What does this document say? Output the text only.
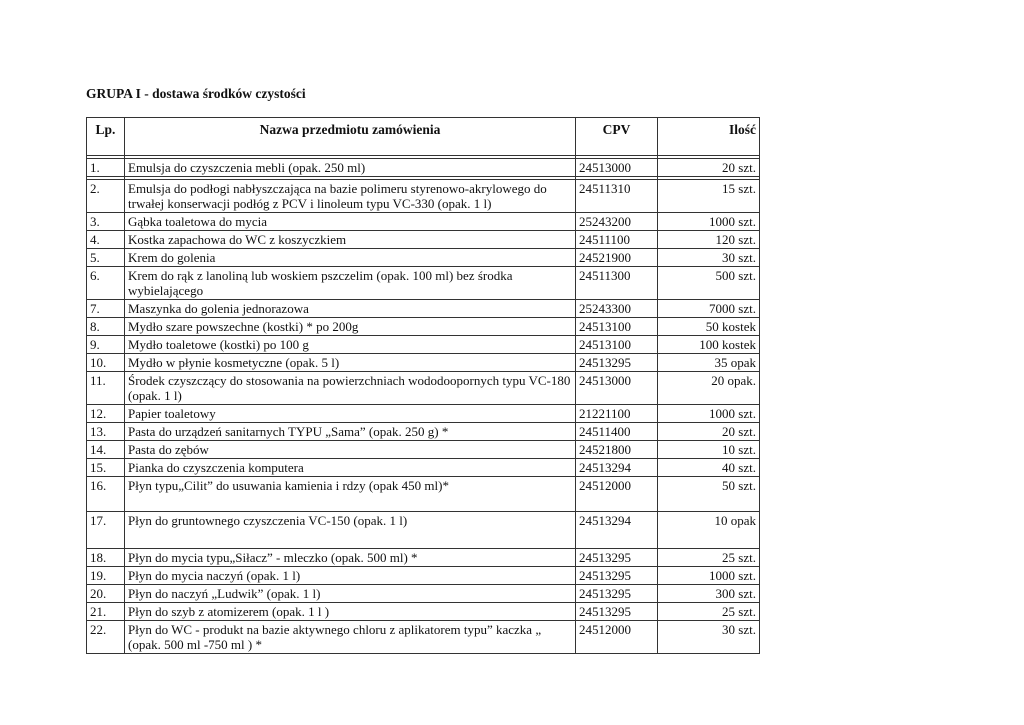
GRUPA I - dostawa środków czystości
Lp.	Nazwa przedmiotu zamówienia	CPV	Ilość

1.	Emulsja do czyszczenia mebli (opak. 250 ml)	24513000	20 szt.

2.	Emulsja do podłogi nabłyszczająca na bazie polimeru styrenowo-akrylowego do trwałej konserwacji podłóg z PCV i linoleum typu VC-330 (opak. 1 l)	24511310	15 szt.
3.	Gąbka toaletowa do mycia	25243200	1000 szt.
4.	Kostka zapachowa do WC z koszyczkiem	24511100	120 szt.
5.	Krem do golenia	24521900	30 szt.
6.	Krem do rąk z lanoliną lub woskiem pszczelim (opak. 100 ml) bez środka wybielającego	24511300	500 szt.
7.	Maszynka do golenia jednorazowa	25243300	7000 szt.
8.	Mydło szare powszechne (kostki) * po 200g	24513100	50 kostek
9.	Mydło toaletowe (kostki) po 100 g	24513100	100 kostek
10.	Mydło w płynie kosmetyczne (opak. 5 l)	24513295	35 opak
11.	Środek czyszczący do stosowania na powierzchniach wododoopornych typu VC-180 (opak. 1 l)	24513000	20 opak.
12.	Papier toaletowy	21221100	1000 szt.
13.	Pasta do urządzeń sanitarnych TYPU „Sama” (opak. 250 g) *	24511400	20 szt.
14.	Pasta do zębów	24521800	10 szt.
15.	Pianka do czyszczenia komputera	24513294	40 szt.
16.	Płyn typu„Cilit” do usuwania kamienia i rdzy (opak 450 ml)*	24512000	50 szt.
17.	Płyn do gruntownego czyszczenia VC-150 (opak. 1 l)	24513294	10 opak
18.	Płyn do mycia typu„Siłacz” - mleczko (opak. 500 ml) *	24513295	25 szt.
19.	Płyn do mycia naczyń (opak. 1 l)	24513295	1000 szt.
20.	Płyn do naczyń „Ludwik” (opak. 1 l)	24513295	300 szt.
21.	Płyn do szyb z atomizerem (opak. 1 l )	24513295	25 szt.
22.	Płyn do WC - produkt na bazie aktywnego chloru z aplikatorem typu” kaczka „ (opak. 500 ml -750 ml ) *	24512000	30 szt.
